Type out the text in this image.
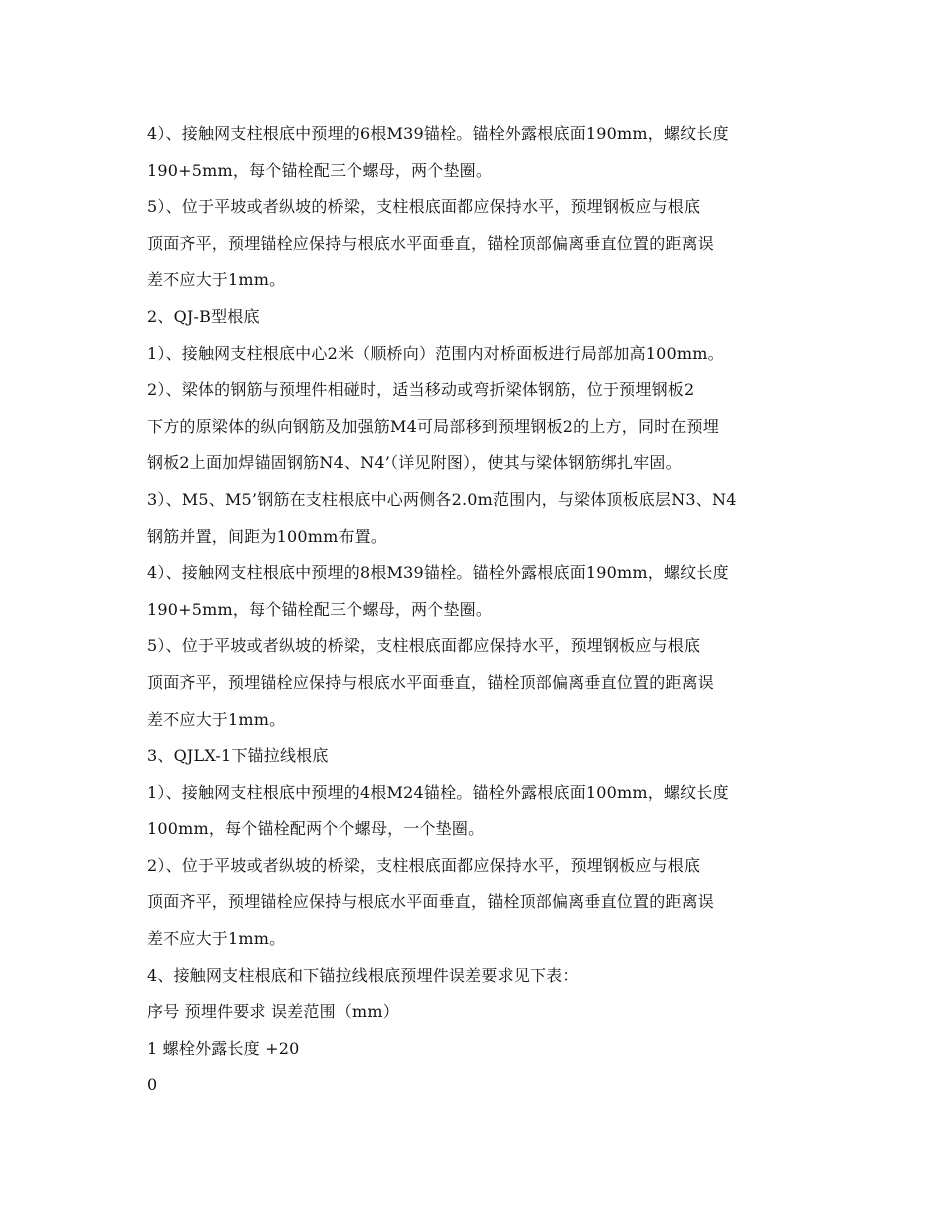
4）、接触网支柱根底中预埋的6根M39锚栓。锚栓外露根底面190mm，螺纹长度
190+5mm，每个锚栓配三个螺母，两个垫圈。
5）、位于平坡或者纵坡的桥梁，支柱根底面都应保持水平，预埋钢板应与根底
顶面齐平，预埋锚栓应保持与根底水平面垂直，锚栓顶部偏离垂直位置的距离误
差不应大于1mm。
2、QJ-B型根底
1）、接触网支柱根底中心2米（顺桥向）范围内对桥面板进行局部加高100mm。
2）、梁体的钢筋与预埋件相碰时，适当移动或弯折梁体钢筋，位于预埋钢板2
下方的原梁体的纵向钢筋及加强筋M4可局部移到预埋钢板2的上方，同时在预埋
钢板2上面加焊锚固钢筋N4、N4’（详见附图），使其与梁体钢筋绑扎牢固。
3）、M5、M5’钢筋在支柱根底中心两侧各2.0m范围内，与梁体顶板底层N3、N4
钢筋并置，间距为100mm布置。
4）、接触网支柱根底中预埋的8根M39锚栓。锚栓外露根底面190mm，螺纹长度
190+5mm，每个锚栓配三个螺母，两个垫圈。
5）、位于平坡或者纵坡的桥梁，支柱根底面都应保持水平，预埋钢板应与根底
顶面齐平，预埋锚栓应保持与根底水平面垂直，锚栓顶部偏离垂直位置的距离误
差不应大于1mm。
3、QJLX-1下锚拉线根底
1）、接触网支柱根底中预埋的4根M24锚栓。锚栓外露根底面100mm，螺纹长度
100mm，每个锚栓配两个个螺母，一个垫圈。
2）、位于平坡或者纵坡的桥梁，支柱根底面都应保持水平，预埋钢板应与根底
顶面齐平，预埋锚栓应保持与根底水平面垂直，锚栓顶部偏离垂直位置的距离误
差不应大于1mm。
4、接触网支柱根底和下锚拉线根底预埋件误差要求见下表：
序号 预埋件要求 误差范围（mm）
1 螺栓外露长度 +20
0
